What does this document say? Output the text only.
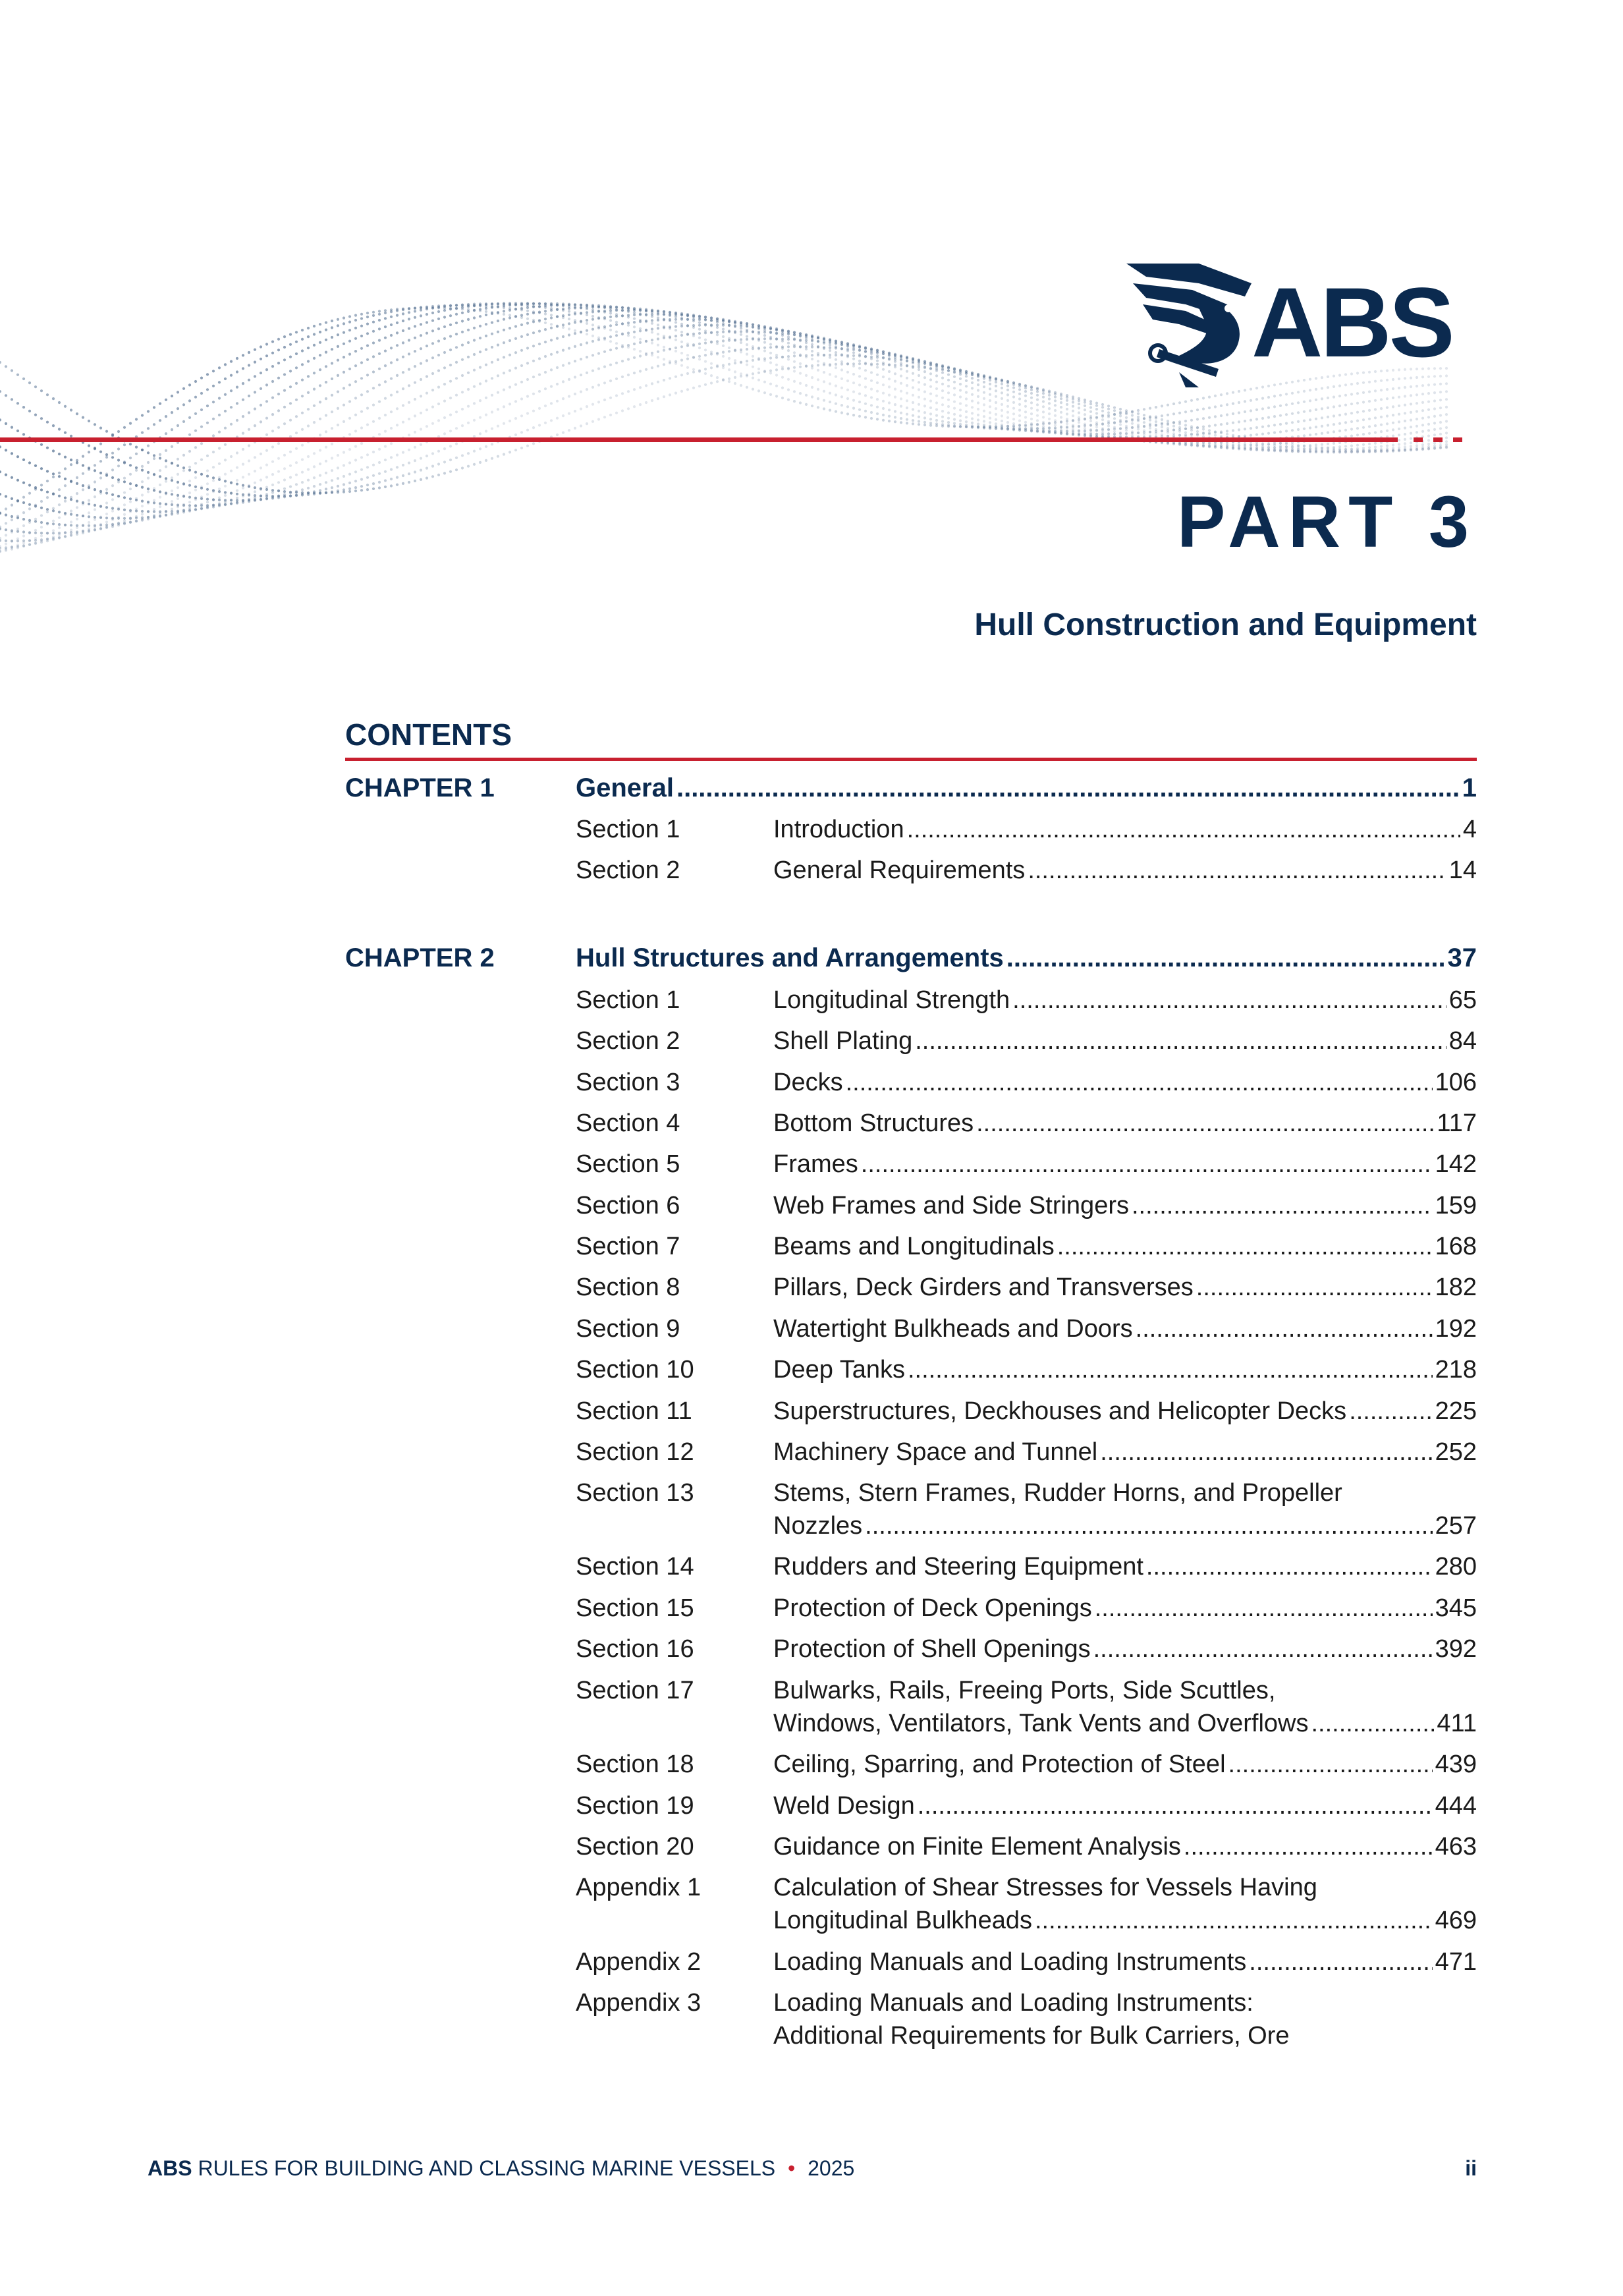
ABS
PART 3
Hull Construction and Equipment
CONTENTS
CHAPTER 1	General .....	1
Section 1	Introduction .....	4
Section 2	General Requirements .....	14
CHAPTER 2	Hull Structures and Arrangements .....	37
Section 1	Longitudinal Strength .....	65
Section 2	Shell Plating .....	84
Section 3	Decks .....	106
Section 4	Bottom Structures .....	117
Section 5	Frames .....	142
Section 6	Web Frames and Side Stringers .....	159
Section 7	Beams and Longitudinals .....	168
Section 8	Pillars, Deck Girders and Transverses .....	182
Section 9	Watertight Bulkheads and Doors .....	192
Section 10	Deep Tanks .....	218
Section 11	Superstructures, Deckhouses and Helicopter Decks .....	225
Section 12	Machinery Space and Tunnel .....	252
Section 13	Stems, Stern Frames, Rudder Horns, and Propeller
Nozzles .....	257
Section 14	Rudders and Steering Equipment .....	280
Section 15	Protection of Deck Openings .....	345
Section 16	Protection of Shell Openings .....	392
Section 17	Bulwarks, Rails, Freeing Ports, Side Scuttles,
Windows, Ventilators, Tank Vents and Overflows .....	411
Section 18	Ceiling, Sparring, and Protection of Steel .....	439
Section 19	Weld Design .....	444
Section 20	Guidance on Finite Element Analysis .....	463
Appendix 1	Calculation of Shear Stresses for Vessels Having
Longitudinal Bulkheads .....	469
Appendix 2	Loading Manuals and Loading Instruments .....	471
Appendix 3	Loading Manuals and Loading Instruments:
Additional Requirements for Bulk Carriers, Ore
ABS RULES FOR BUILDING AND CLASSING MARINE VESSELS • 2025	ii
